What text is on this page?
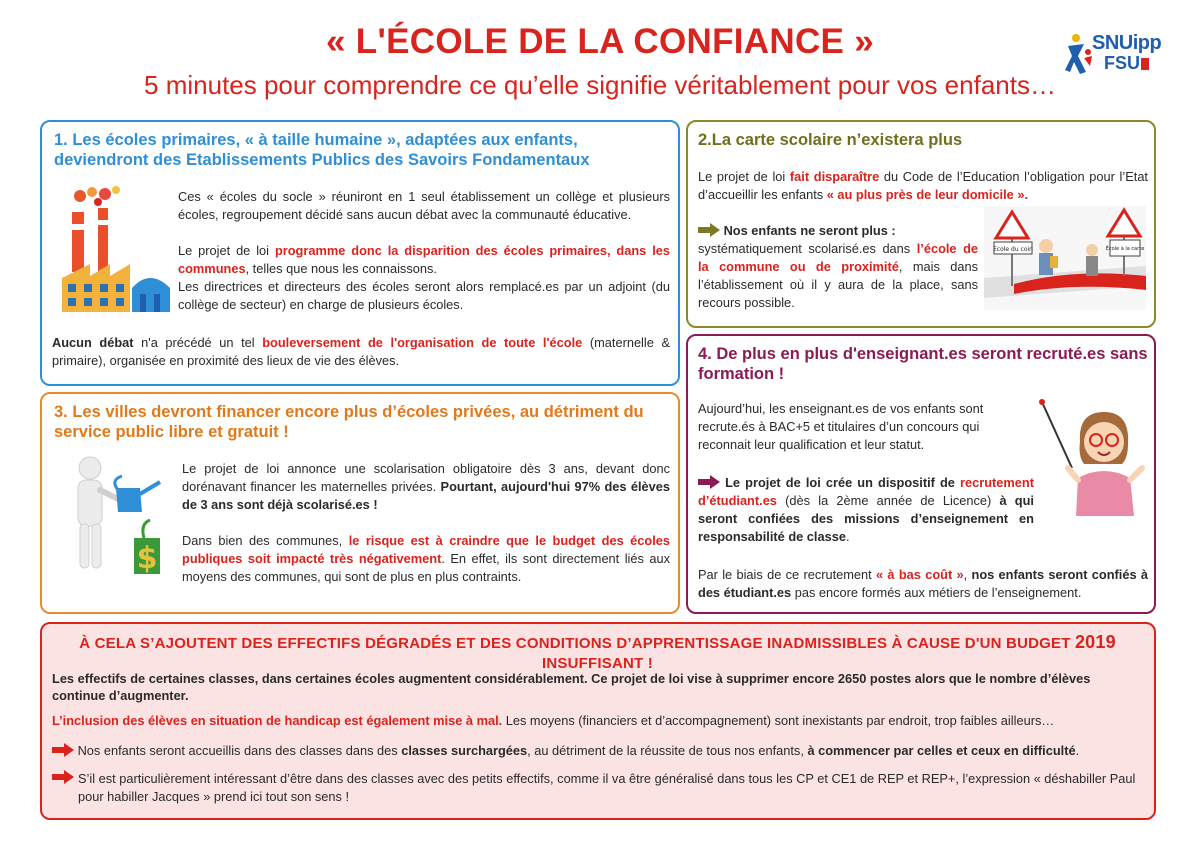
« L'ÉCOLE DE LA CONFIANCE »
5 minutes pour comprendre ce qu’elle signifie véritablement pour vos enfants…
SNUipp
FSU
1. Les écoles primaires, « à taille humaine », adaptées aux enfants, deviendront des Etablissements Publics des Savoirs Fondamentaux
Ces « écoles du socle » réuniront en 1 seul établissement un collège et plusieurs écoles, regroupement décidé sans aucun débat avec la communauté éducative.
Le projet de loi programme donc la disparition des écoles primaires, dans les communes, telles que nous les connaissons.
Les directrices et directeurs des écoles seront alors remplacé.es par un adjoint (du collège de secteur) en charge de plusieurs écoles.
Aucun débat n'a précédé un tel bouleversement de l'organisation de toute l'école (maternelle & primaire), organisée en proximité des lieux de vie des élèves.
2.La carte scolaire n’existera plus
Le projet de loi fait disparaître du Code de l’Education l’obligation pour l’Etat d’accueillir les enfants « au plus près de leur domicile ».
Nos enfants ne seront plus :
systématiquement scolarisé.es dans l’école de la commune ou de proximité, mais dans l’établissement où il y aura de la place, sans recours possible.
Ecole du coin	École à la carte
3. Les villes devront financer encore plus d’écoles privées, au détriment du service public libre et gratuit !
$
Le projet de loi annonce une scolarisation obligatoire dès 3 ans, devant donc dorénavant financer les maternelles privées. Pourtant, aujourd'hui 97% des élèves de 3 ans sont déjà scolarisé.es !
Dans bien des communes, le risque est à craindre que le budget des écoles publiques soit impacté très négativement. En effet, ils sont directement liés aux moyens des communes, qui sont de plus en plus contraints.
4. De plus en plus d'enseignant.es seront recruté.es sans formation !
Aujourd’hui, les enseignant.es de vos enfants sont recrute.és à BAC+5 et titulaires d’un concours qui reconnait leur qualification et leur statut.
Le projet de loi crée un dispositif de recrutement d’étudiant.es (dès la 2ème année de Licence) à qui seront confiées des missions d’enseignement en responsabilité de classe.
Par le biais de ce recrutement « à bas coût », nos enfants seront confiés à des étudiant.es pas encore formés aux métiers de l’enseignement.
À CELA S’AJOUTENT DES EFFECTIFS DÉGRADÉS ET DES CONDITIONS D’APPRENTISSAGE INADMISSIBLES À CAUSE D'UN BUDGET 2019 INSUFFISANT !
Les effectifs de certaines classes, dans certaines écoles augmentent considérablement. Ce projet de loi vise à supprimer encore 2650 postes alors que le nombre d’élèves continue d’augmenter.
L’inclusion des élèves en situation de handicap est également mise à mal. Les moyens (financiers et d’accompagnement) sont inexistants par endroit, trop faibles ailleurs…
Nos enfants seront accueillis dans des classes dans des classes surchargées, au détriment de la réussite de tous nos enfants, à commencer par celles et ceux en difficulté.
S’il est particulièrement intéressant d’être dans des classes avec des petits effectifs, comme il va être généralisé dans tous les CP et CE1 de REP et REP+, l’expression « déshabiller Paul pour habiller Jacques » prend ici tout son sens !
